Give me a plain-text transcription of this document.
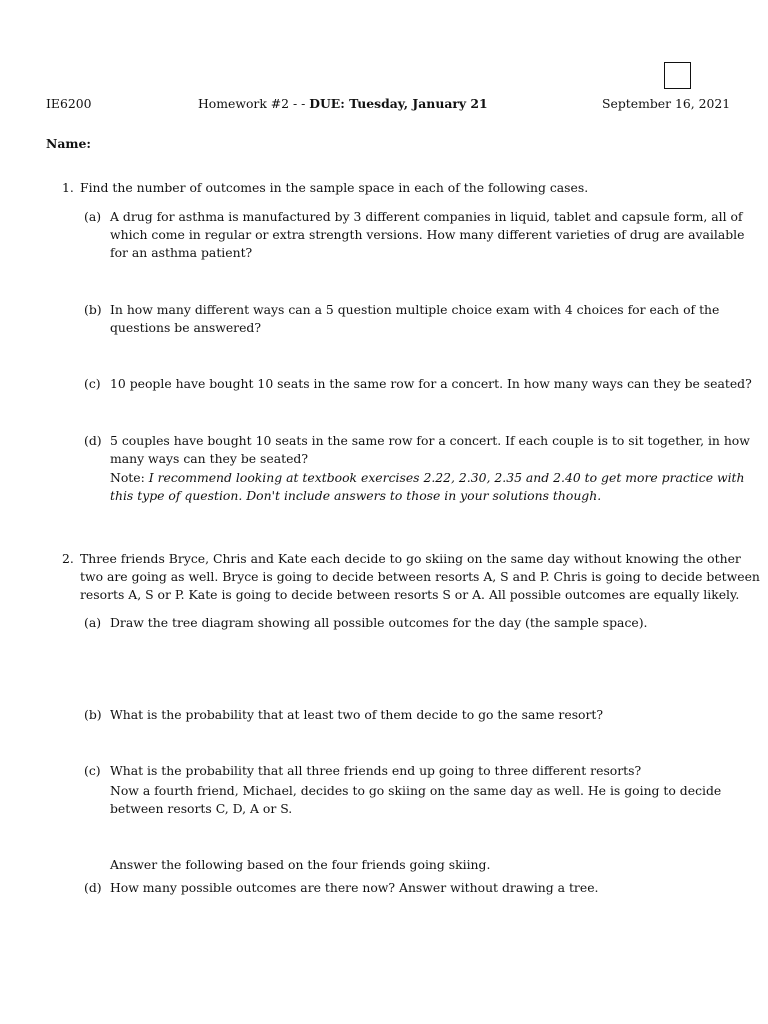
IE6200	Homework #2 - - DUE: Tuesday, January 21	September 16, 2021
Name:
1. Find the number of outcomes in the sample space in each of the following cases.
(a) A drug for asthma is manufactured by 3 different companies in liquid, tablet and capsule form, all of
which come in regular or extra strength versions. How many different varieties of drug are available
for an asthma patient?
(b) In how many different ways can a 5 question multiple choice exam with 4 choices for each of the
questions be answered?
(c) 10 people have bought 10 seats in the same row for a concert. In how many ways can they be seated?
(d) 5 couples have bought 10 seats in the same row for a concert. If each couple is to sit together, in how
many ways can they be seated?
Note: I recommend looking at textbook exercises 2.22, 2.30, 2.35 and 2.40 to get more practice with
this type of question. Don't include answers to those in your solutions though.
2. Three friends Bryce, Chris and Kate each decide to go skiing on the same day without knowing the other
two are going as well. Bryce is going to decide between resorts A, S and P. Chris is going to decide between
resorts A, S or P. Kate is going to decide between resorts S or A. All possible outcomes are equally likely.
(a) Draw the tree diagram showing all possible outcomes for the day (the sample space).
(b) What is the probability that at least two of them decide to go the same resort?
(c) What is the probability that all three friends end up going to three different resorts?
Now a fourth friend, Michael, decides to go skiing on the same day as well. He is going to decide
between resorts C, D, A or S.
Answer the following based on the four friends going skiing.
(d) How many possible outcomes are there now? Answer without drawing a tree.
